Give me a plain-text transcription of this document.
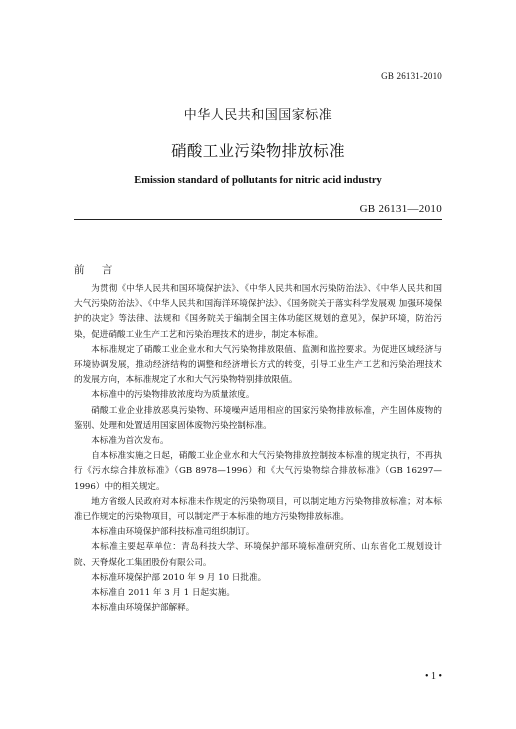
GB 26131-2010
中华人民共和国国家标准
硝酸工业污染物排放标准
Emission standard of pollutants for nitric acid industry
GB 26131—2010
前 言

为贯彻《中华人民共和国环境保护法》、《中华人民共和国水污染防治法》、《中华人民共和国大气污染防治法》、《中华人民共和国海洋环境保护法》、《国务院关于落实科学发展观 加强环境保护的决定》等法律、法规和《国务院关于编制全国主体功能区规划的意见》，保护环境，防治污染，促进硝酸工业生产工艺和污染治理技术的进步，制定本标准。

本标准规定了硝酸工业企业水和大气污染物排放限值、监测和监控要求。为促进区域经济与环境协调发展，推动经济结构的调整和经济增长方式的转变，引导工业生产工艺和污染治理技术的发展方向，本标准规定了水和大气污染物特别排放限值。

本标准中的污染物排放浓度均为质量浓度。

硝酸工业企业排放恶臭污染物、环境噪声适用相应的国家污染物排放标准，产生固体废物的鉴别、处理和处置适用国家固体废物污染控制标准。

本标准为首次发布。

自本标准实施之日起，硝酸工业企业水和大气污染物排放控制按本标准的规定执行，不再执行《污水综合排放标准》（GB 8978—1996）和《大气污染物综合排放标准》（GB 16297—1996）中的相关规定。

地方省级人民政府对本标准未作规定的污染物项目，可以制定地方污染物排放标准；对本标准已作规定的污染物项目，可以制定严于本标准的地方污染物排放标准。

本标准由环境保护部科技标准司组织制订。

本标准主要起草单位：青岛科技大学、环境保护部环境标准研究所、山东省化工规划设计院、天脊煤化工集团股份有限公司。

本标准环境保护部 2010 年 9 月 10 日批准。

本标准自 2011 年 3 月 1 日起实施。

本标准由环境保护部解释。

• 1 •
